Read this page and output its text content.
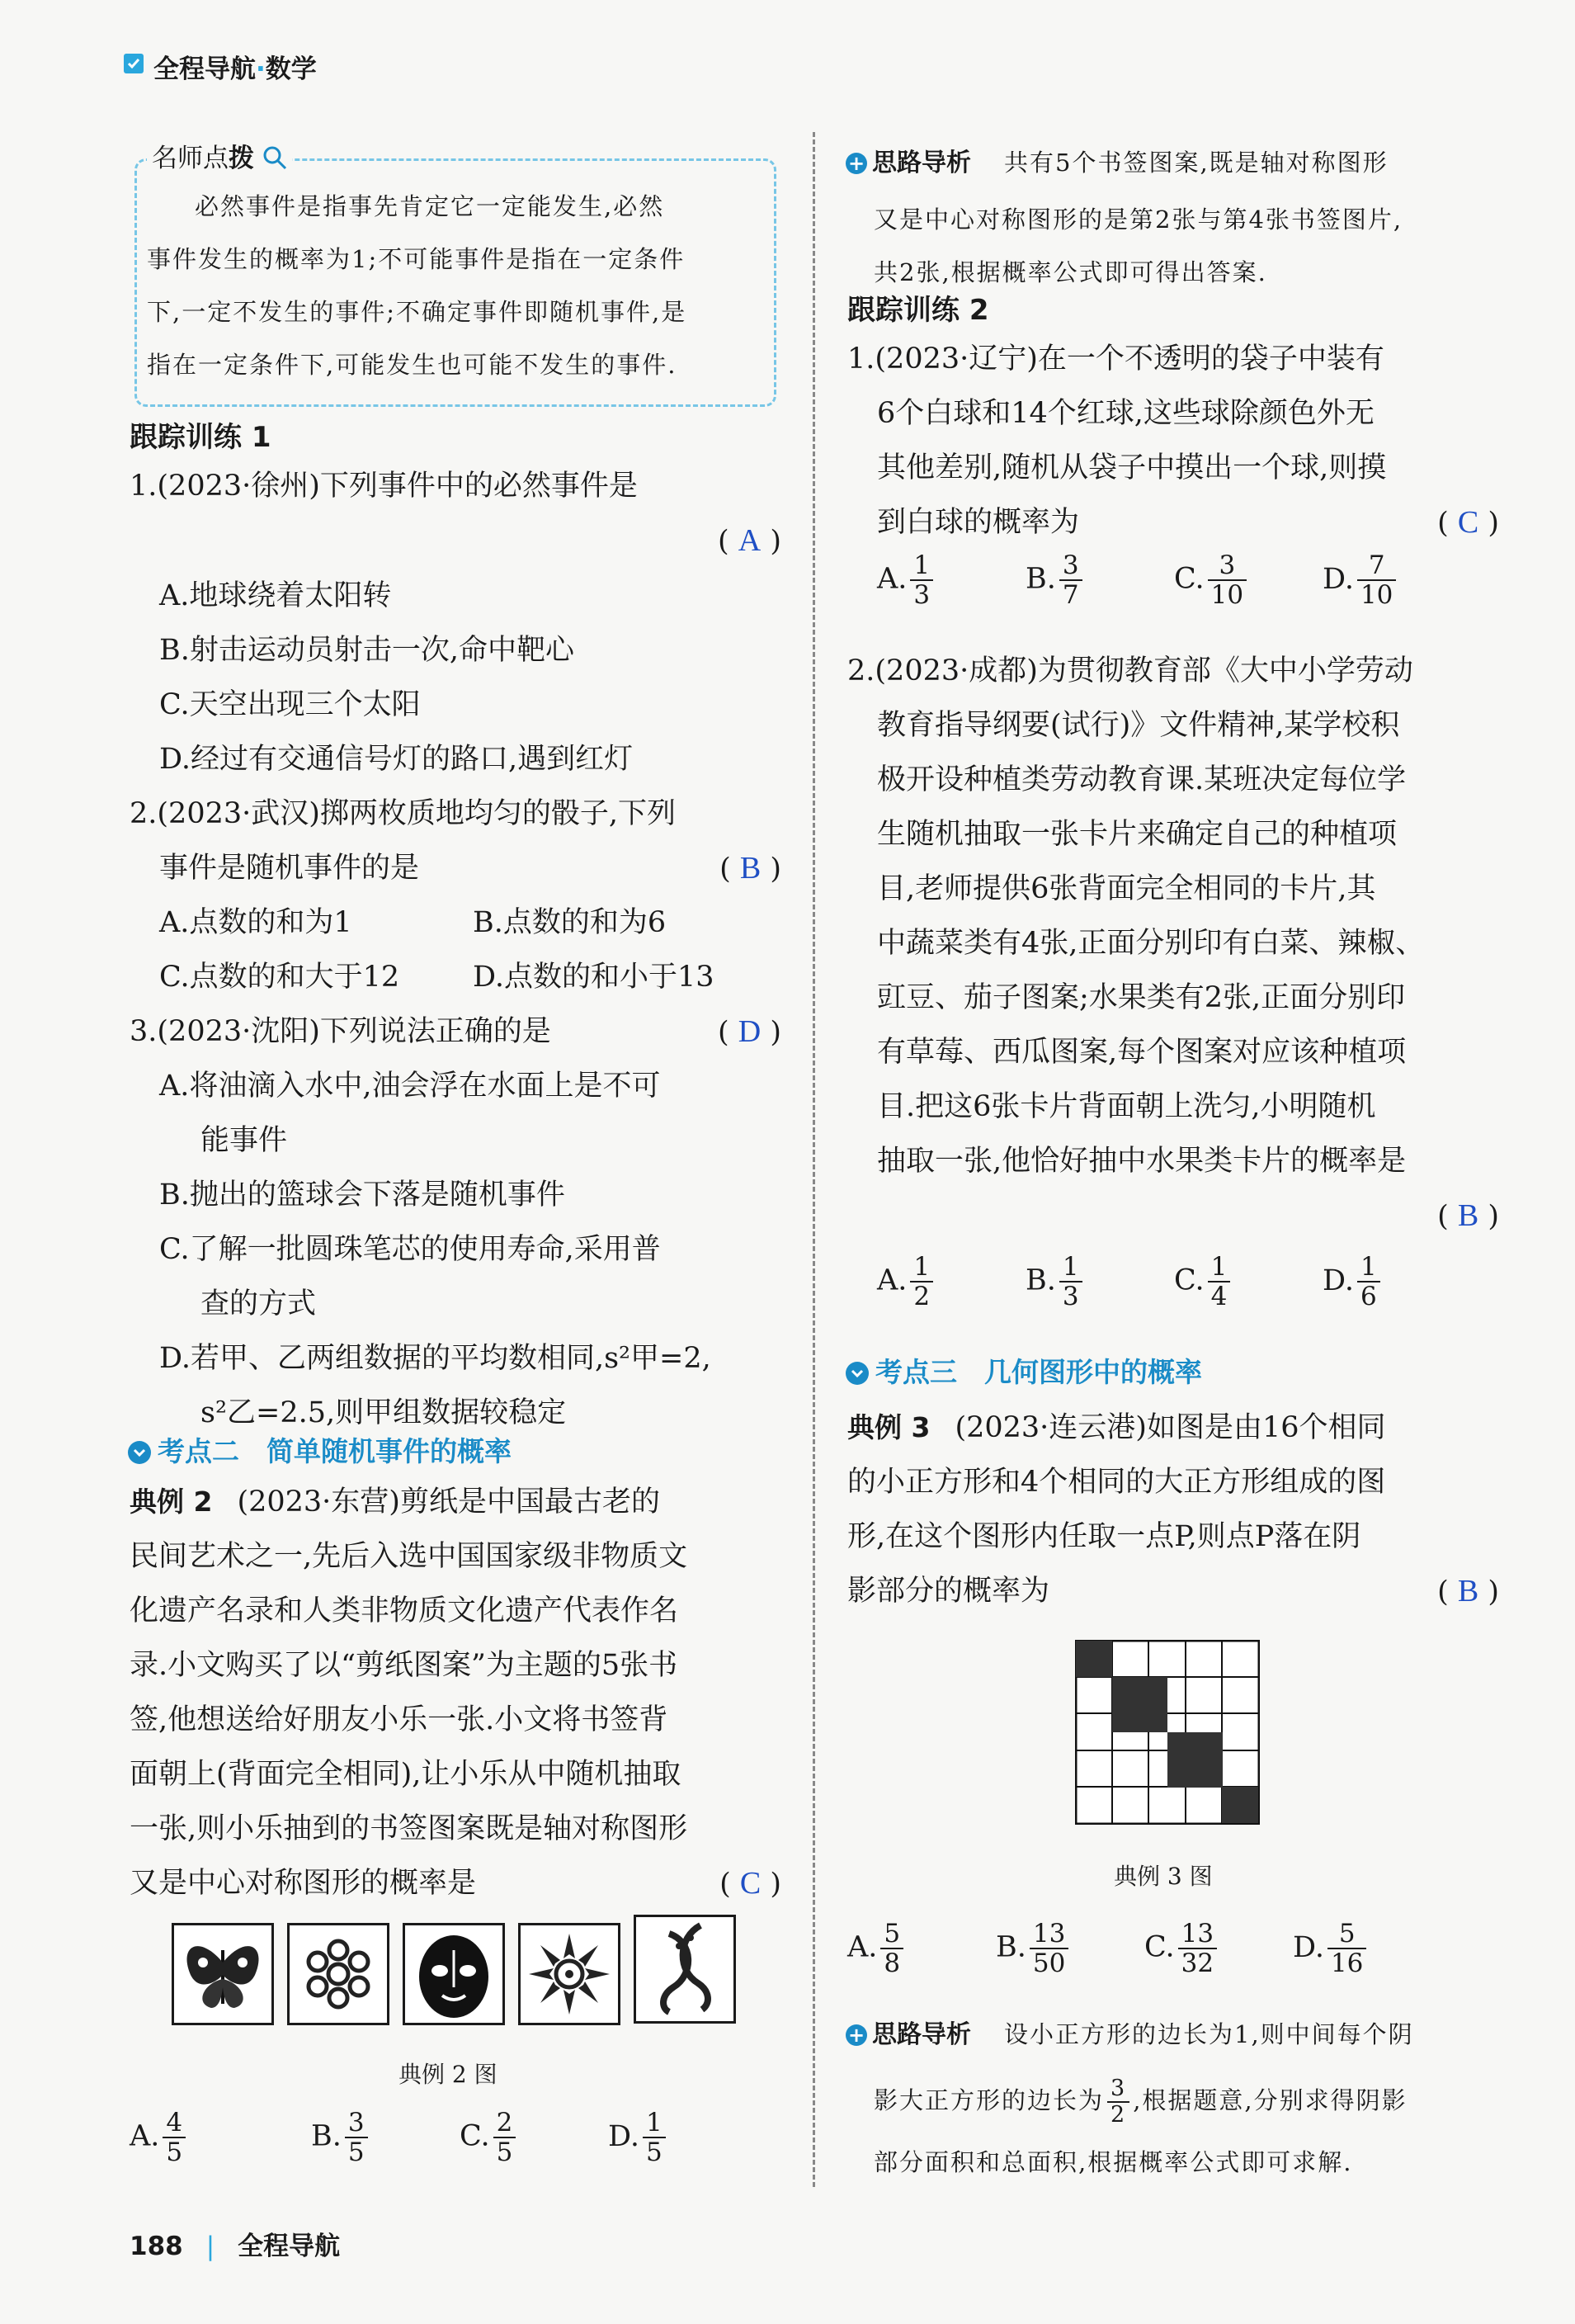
全程导航·数学
名师点拨
必然事件是指事先肯定它一定能发生,必然
事件发生的概率为1;不可能事件是指在一定条件
下,一定不发生的事件;不确定事件即随机事件,是
指在一定条件下,可能发生也可能不发生的事件.
跟踪训练 1
1.(2023·徐州)下列事件中的必然事件是
( A )
A.地球绕着太阳转
B.射击运动员射击一次,命中靶心
C.天空出现三个太阳
D.经过有交通信号灯的路口,遇到红灯
2.(2023·武汉)掷两枚质地均匀的骰子,下列
事件是随机事件的是	( B )
A.点数的和为1	B.点数的和为6
C.点数的和大于12	D.点数的和小于13
3.(2023·沈阳)下列说法正确的是	( D )
A.将油滴入水中,油会浮在水面上是不可
能事件
B.抛出的篮球会下落是随机事件
C.了解一批圆珠笔芯的使用寿命,采用普
查的方式
D.若甲、乙两组数据的平均数相同,s²甲=2,
s²乙=2.5,则甲组数据较稳定
考点二　简单随机事件的概率
典例 2 (2023·东营)剪纸是中国最古老的
民间艺术之一,先后入选中国国家级非物质文
化遗产名录和人类非物质文化遗产代表作名
录.小文购买了以“剪纸图案”为主题的5张书
签,他想送给好朋友小乐一张.小文将书签背
面朝上(背面完全相同),让小乐从中随机抽取
一张,则小乐抽到的书签图案既是轴对称图形
又是中心对称图形的概率是	( C )
典例 2 图
A. $\frac{4}{5}$	B. $\frac{3}{5}$	C. $\frac{2}{5}$	D. $\frac{1}{5}$
+ 思路导析 共有5个书签图案,既是轴对称图形
又是中心对称图形的是第2张与第4张书签图片,
共2张,根据概率公式即可得出答案.
跟踪训练 2
1.(2023·辽宁)在一个不透明的袋子中装有
6个白球和14个红球,这些球除颜色外无
其他差别,随机从袋子中摸出一个球,则摸
到白球的概率为	( C )
A. $\frac{1}{3}$	B. $\frac{3}{7}$	C. $\frac{3}{10}$	D. $\frac{7}{10}$
2.(2023·成都)为贯彻教育部《大中小学劳动
教育指导纲要(试行)》文件精神,某学校积
极开设种植类劳动教育课.某班决定每位学
生随机抽取一张卡片来确定自己的种植项
目,老师提供6张背面完全相同的卡片,其
中蔬菜类有4张,正面分别印有白菜、辣椒、
豇豆、茄子图案;水果类有2张,正面分别印
有草莓、西瓜图案,每个图案对应该种植项
目.把这6张卡片背面朝上洗匀,小明随机
抽取一张,他恰好抽中水果类卡片的概率是
( B )
A. $\frac{1}{2}$	B. $\frac{1}{3}$	C. $\frac{1}{4}$	D. $\frac{1}{6}$
考点三　几何图形中的概率
典例 3 (2023·连云港)如图是由16个相同
的小正方形和4个相同的大正方形组成的图
形,在这个图形内任取一点P,则点P落在阴
影部分的概率为	( B )
典例 3 图
A. $\frac{5}{8}$	B. $\frac{13}{50}$	C. $\frac{13}{32}$	D. $\frac{5}{16}$
+ 思路导析 设小正方形的边长为1,则中间每个阴
影大正方形的边长为 $\frac{3}{2}$ ,根据题意,分别求得阴影
部分面积和总面积,根据概率公式即可求解.
188 | 全程导航
